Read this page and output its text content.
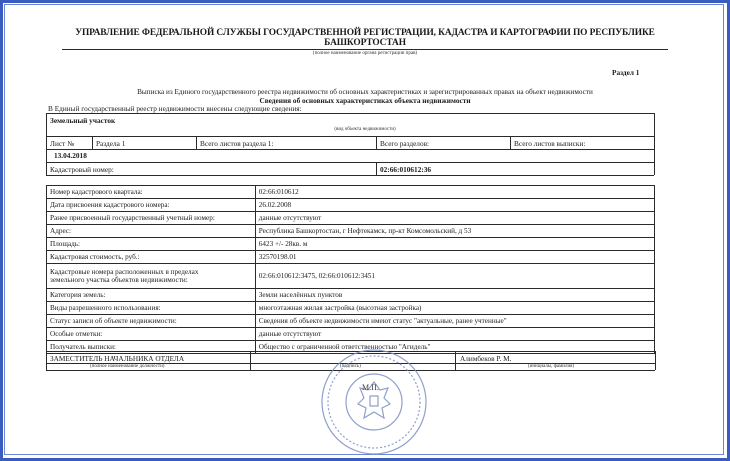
УПРАВЛЕНИЕ ФЕДЕРАЛЬНОЙ СЛУЖБЫ ГОСУДАРСТВЕННОЙ РЕГИСТРАЦИИ, КАДАСТРА И КАРТОГРАФИИ ПО РЕСПУБЛИКЕ
БАШКОРТОСТАН
(полное наименование органа регистрации прав)
Раздел 1
Выписка из Единого государственного реестра недвижимости об основных характеристиках и зарегистрированных правах на объект недвижимости
Сведения об основных характеристиках объекта недвижимости
В Единый государственный реестр недвижимости внесены следующие сведения:
Земельный участок
(вид объекта недвижимости)
Лист №	Раздела 1	Всего листов раздела 1:	Всего разделов:	Всего листов выписки:
13.04.2018
Кадастровый номер:	02:66:010612:36
Номер кадастрового квартала:	02:66:010612
Дата присвоения кадастрового номера:	26.02.2008
Ранее присвоенный государственный учетный номер:	данные отсутствуют
Адрес:	Республика Башкортостан, г Нефтекамск, пр-кт Комсомольский, д 53
Площадь:	6423 +/- 28кв. м
Кадастровая стоимость, руб.:	32570198.01
Кадастровые номера расположенных в пределах
земельного участка объектов недвижимости:	02:66:010612:3475, 02:66:010612:3451
Категория земель:	Земли населённых пунктов
Виды разрешенного использования:	многоэтажная жилая застройка (высотная застройка)
Статус записи об объекте недвижимости:	Сведения об объекте недвижимости имеют статус "актуальные, ранее учтенные"
Особые отметки:	данные отсутствуют
Получатель выписки:	Общество с ограниченной ответственностью "Агидель"
ЗАМЕСТИТЕЛЬ НАЧАЛЬНИКА ОТДЕЛА	Алимбеков Р. М.
(полное наименование должности)	(подпись)	(инициалы, фамилия)
М.П.
